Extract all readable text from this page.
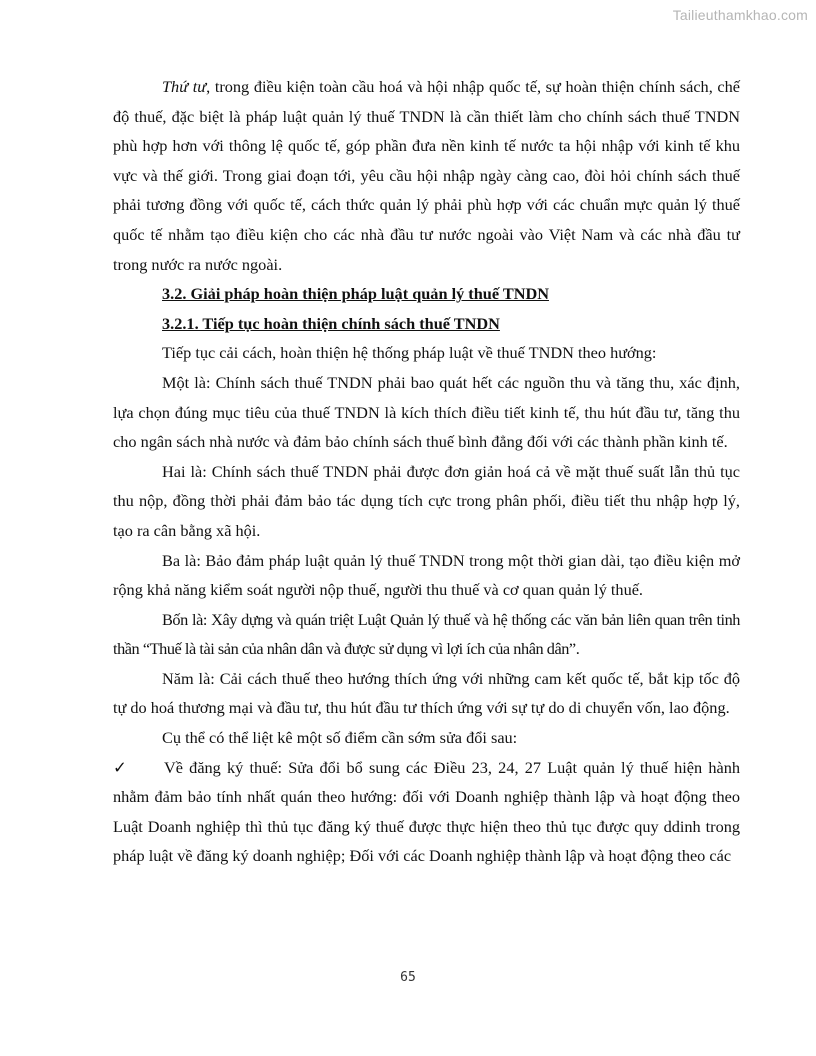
Tailieuthamkhao.com

Thứ tư, trong điều kiện toàn cầu hoá và hội nhập quốc tế, sự hoàn thiện chính sách, chế độ thuế, đặc biệt là pháp luật quản lý thuế TNDN là cần thiết làm cho chính sách thuế TNDN phù hợp hơn với thông lệ quốc tế, góp phần đưa nền kinh tế nước ta hội nhập với kinh tế khu vực và thế giới. Trong giai đoạn tới, yêu cầu hội nhập ngày càng cao, đòi hỏi chính sách thuế phải tương đồng với quốc tế, cách thức quản lý phải phù hợp với các chuẩn mực quản lý thuế quốc tế nhằm tạo điều kiện cho các nhà đầu tư nước ngoài vào Việt Nam và các nhà đầu tư trong nước ra nước ngoài.

3.2. Giải pháp hoàn thiện pháp luật quản lý thuế TNDN

3.2.1. Tiếp tục hoàn thiện chính sách thuế TNDN

Tiếp tục cải cách, hoàn thiện hệ thống pháp luật về thuế TNDN theo hướng:

Một là: Chính sách thuế TNDN phải bao quát hết các nguồn thu và tăng thu, xác định, lựa chọn đúng mục tiêu của thuế TNDN là kích thích điều tiết kinh tế, thu hút đầu tư, tăng thu cho ngân sách nhà nước và đảm bảo chính sách thuế bình đẳng đối với các thành phần kinh tế.

Hai là: Chính sách thuế TNDN phải được đơn giản hoá cả về mặt thuế suất lẫn thủ tục thu nộp, đồng thời phải đảm bảo tác dụng tích cực trong phân phối, điều tiết thu nhập hợp lý, tạo ra cân bằng xã hội.

Ba là: Bảo đảm pháp luật quản lý thuế TNDN trong một thời gian dài, tạo điều kiện mở rộng khả năng kiểm soát người nộp thuế, người thu thuế và cơ quan quản lý thuế.

Bốn là: Xây dựng và quán triệt Luật Quản lý thuế và hệ thống các văn bản liên quan trên tinh thần “Thuế là tài sản của nhân dân và được sử dụng vì lợi ích của nhân dân”.

Năm là: Cải cách thuế theo hướng thích ứng với những cam kết quốc tế, bắt kịp tốc độ tự do hoá thương mại và đầu tư, thu hút đầu tư thích ứng với sự tự do di chuyển vốn, lao động.

Cụ thể có thể liệt kê một số điểm cần sớm sửa đổi sau:

✓ Về đăng ký thuế: Sửa đổi bổ sung các Điều 23, 24, 27 Luật quản lý thuế hiện hành nhằm đảm bảo tính nhất quán theo hướng: đối với Doanh nghiệp thành lập và hoạt động theo Luật Doanh nghiệp thì thủ tục đăng ký thuế được thực hiện theo thủ tục được quy ddinh trong pháp luật về đăng ký doanh nghiệp; Đối với các Doanh nghiệp thành lập và hoạt động theo các

65
